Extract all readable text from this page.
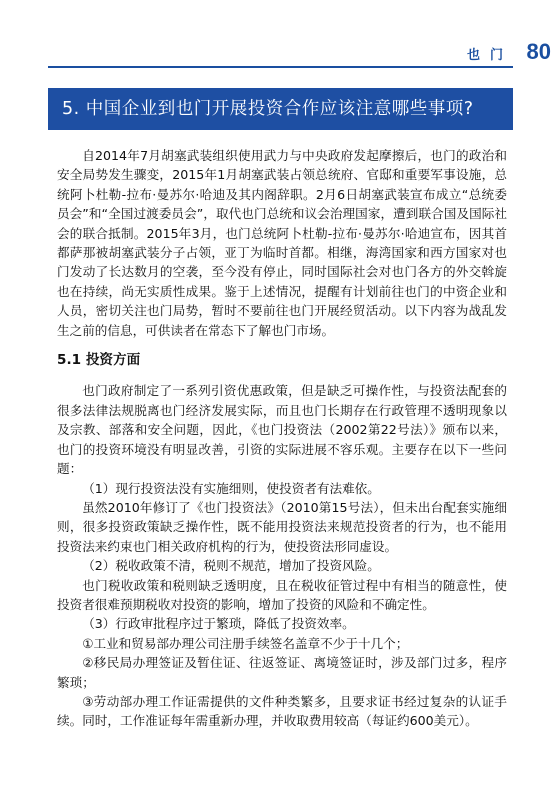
也门 80
5. 中国企业到也门开展投资合作应该注意哪些事项?

自2014年7月胡塞武装组织使用武力与中央政府发起摩擦后，也门的政治和安全局势发生骤变，2015年1月胡塞武装占领总统府、官邸和重要军事设施，总统阿卜杜勒-拉布·曼苏尔·哈迪及其内阁辞职。2月6日胡塞武装宣布成立“总统委员会”和“全国过渡委员会”，取代也门总统和议会治理国家，遭到联合国及国际社会的联合抵制。2015年3月，也门总统阿卜杜勒-拉布·曼苏尔·哈迪宣布，因其首都萨那被胡塞武装分子占领，亚丁为临时首都。相继，海湾国家和西方国家对也门发动了长达数月的空袭，至今没有停止，同时国际社会对也门各方的外交斡旋也在持续，尚无实质性成果。鉴于上述情况，提醒有计划前往也门的中资企业和人员，密切关注也门局势，暂时不要前往也门开展经贸活动。以下内容为战乱发生之前的信息，可供读者在常态下了解也门市场。

5.1 投资方面

也门政府制定了一系列引资优惠政策，但是缺乏可操作性，与投资法配套的很多法律法规脱离也门经济发展实际，而且也门长期存在行政管理不透明现象以及宗教、部落和安全问题，因此，《也门投资法（2002第22号法）》颁布以来，也门的投资环境没有明显改善，引资的实际进展不容乐观。主要存在以下一些问题：

（1）现行投资法没有实施细则，使投资者有法难依。

虽然2010年修订了《也门投资法》（2010第15号法），但未出台配套实施细则，很多投资政策缺乏操作性，既不能用投资法来规范投资者的行为，也不能用投资法来约束也门相关政府机构的行为，使投资法形同虚设。

（2）税收政策不清，税则不规范，增加了投资风险。

也门税收政策和税则缺乏透明度，且在税收征管过程中有相当的随意性，使投资者很难预期税收对投资的影响，增加了投资的风险和不确定性。

（3）行政审批程序过于繁琐，降低了投资效率。

①工业和贸易部办理公司注册手续签名盖章不少于十几个；

②移民局办理签证及暂住证、往返签证、离境签证时，涉及部门过多，程序繁琐；

③劳动部办理工作证需提供的文件种类繁多，且要求证书经过复杂的认证手续。同时，工作准证每年需重新办理，并收取费用较高（每证约600美元）。
